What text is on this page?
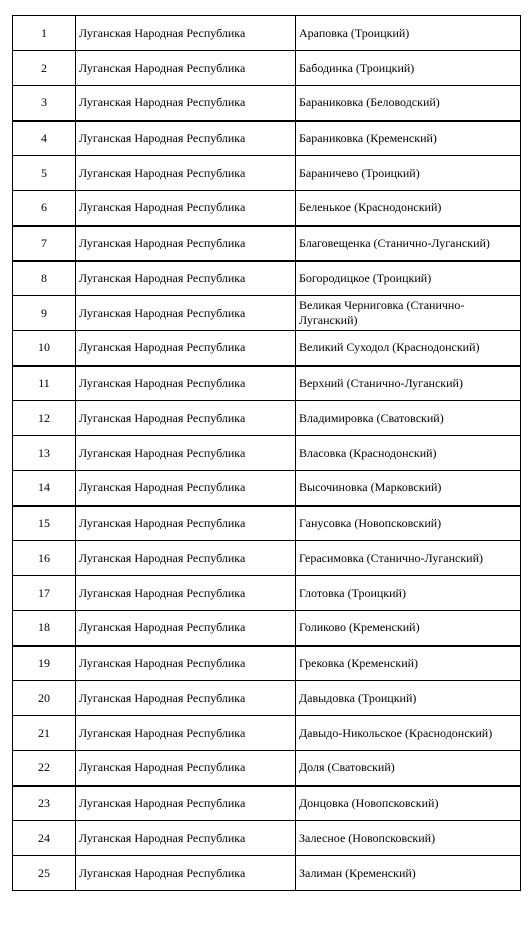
1	Луганская Народная Республика	Араповка (Троицкий)
2	Луганская Народная Республика	Бабодинка (Троицкий)
3	Луганская Народная Республика	Бараниковка (Беловодский)
4	Луганская Народная Республика	Бараниковка (Кременский)
5	Луганская Народная Республика	Бараничево (Троицкий)
6	Луганская Народная Республика	Беленькое (Краснодонский)
7	Луганская Народная Республика	Благовещенка (Станично-Луганский)
8	Луганская Народная Республика	Богородицкое (Троицкий)
9	Луганская Народная Республика	Великая Черниговка (Станично-Луганский)
10	Луганская Народная Республика	Великий Суходол (Краснодонский)
11	Луганская Народная Республика	Верхний (Станично-Луганский)
12	Луганская Народная Республика	Владимировка (Сватовский)
13	Луганская Народная Республика	Власовка (Краснодонский)
14	Луганская Народная Республика	Высочиновка (Марковский)
15	Луганская Народная Республика	Ганусовка (Новопсковский)
16	Луганская Народная Республика	Герасимовка (Станично-Луганский)
17	Луганская Народная Республика	Глотовка (Троицкий)
18	Луганская Народная Республика	Голиково (Кременский)
19	Луганская Народная Республика	Грековка (Кременский)
20	Луганская Народная Республика	Давыдовка (Троицкий)
21	Луганская Народная Республика	Давыдо-Никольское (Краснодонский)
22	Луганская Народная Республика	Доля (Сватовский)
23	Луганская Народная Республика	Донцовка (Новопсковский)
24	Луганская Народная Республика	Залесное (Новопсковский)
25	Луганская Народная Республика	Залиман (Кременский)
